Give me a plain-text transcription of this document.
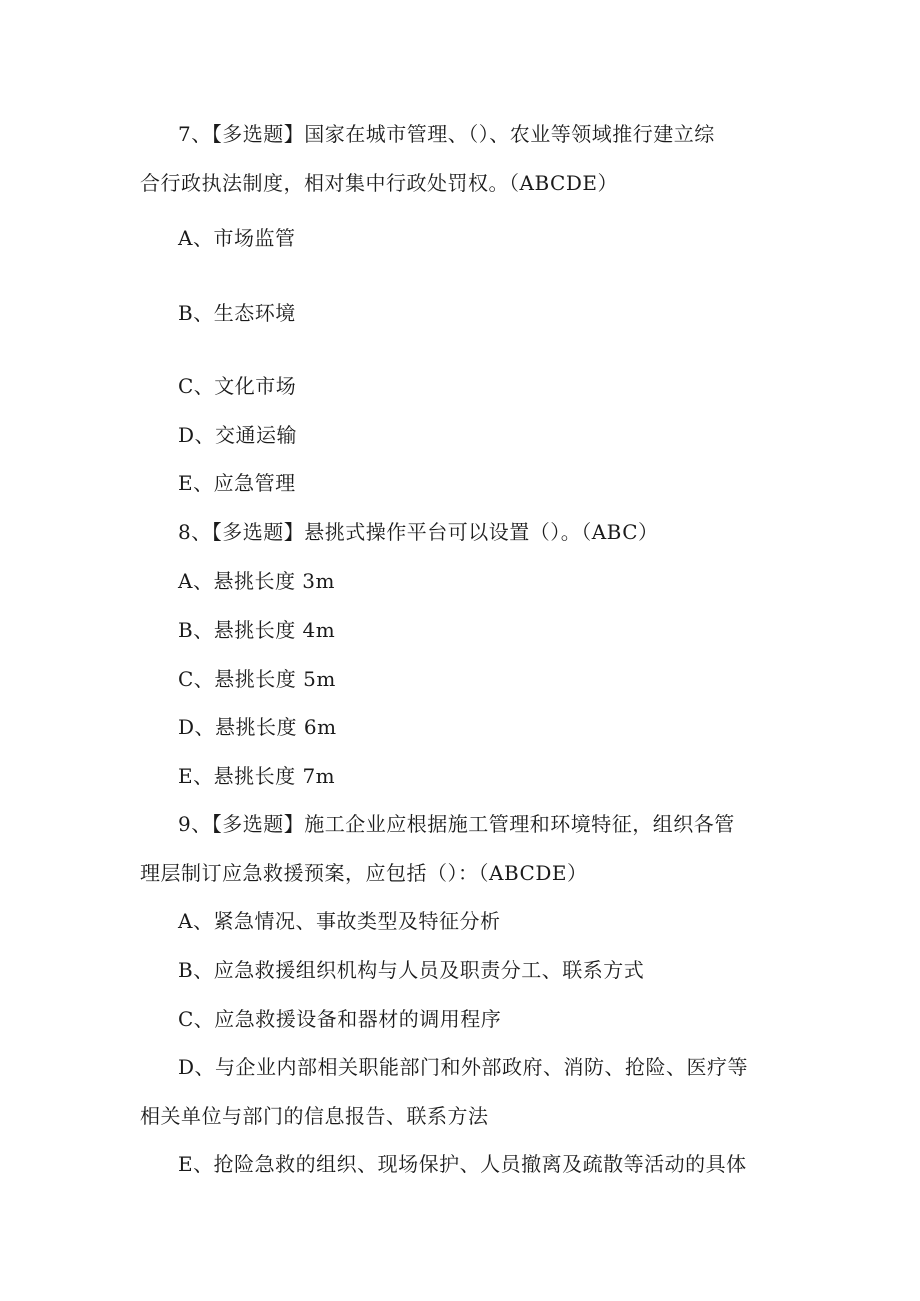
7、【多选题】国家在城市管理、（）、农业等领域推行建立综
合行政执法制度，相对集中行政处罚权。（ABCDE）
A、市场监管
B、生态环境
C、文化市场
D、交通运输
E、应急管理
8、【多选题】悬挑式操作平台可以设置（）。（ABC）
A、悬挑长度 3m
B、悬挑长度 4m
C、悬挑长度 5m
D、悬挑长度 6m
E、悬挑长度 7m
9、【多选题】施工企业应根据施工管理和环境特征，组织各管
理层制订应急救援预案，应包括（）：（ABCDE）
A、紧急情况、事故类型及特征分析
B、应急救援组织机构与人员及职责分工、联系方式
C、应急救援设备和器材的调用程序
D、与企业内部相关职能部门和外部政府、消防、抢险、医疗等
相关单位与部门的信息报告、联系方法
E、抢险急救的组织、现场保护、人员撤离及疏散等活动的具体
